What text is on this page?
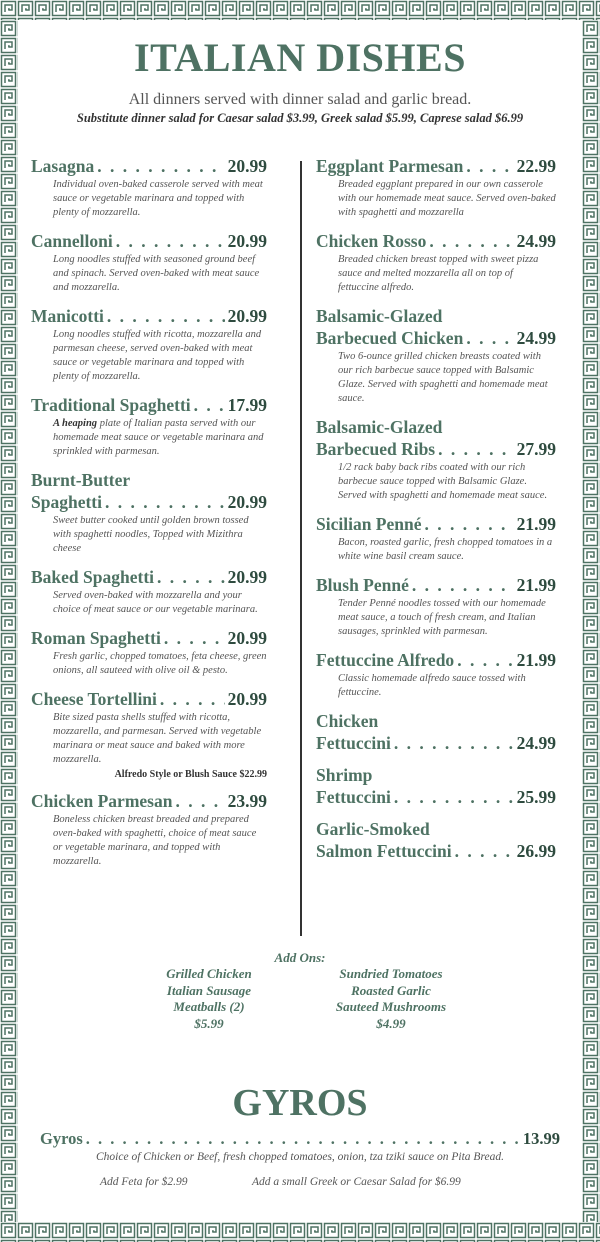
ITALIAN DISHES
All dinners served with dinner salad and garlic bread.
Substitute dinner salad for Caesar salad $3.99, Greek salad $5.99, Caprese salad $6.99
Lasagna . . .	20.99
Individual oven-baked casserole served with meat sauce or vegetable marinara and topped with plenty of mozzarella.
Cannelloni . . .	20.99
Long noodles stuffed with seasoned ground beef and spinach. Served oven-baked with meat sauce and mozzarella.
Manicotti . . .	20.99
Long noodles stuffed with ricotta, mozzarella and parmesan cheese, served oven-baked with meat sauce or vegetable marinara and topped with plenty of mozzarella.
Traditional Spaghetti . . . 17.99
A heaping plate of Italian pasta served with our homemade meat sauce or vegetable marinara and sprinkled with parmesan.
Burnt-Butter
Spaghetti . . .	20.99
Sweet butter cooked until golden brown tossed with spaghetti noodles, Topped with Mizithra cheese
Baked Spaghetti . . .	20.99
Served oven-baked with mozzarella and your choice of meat sauce or our vegetable marinara.
Roman Spaghetti . . .	20.99
Fresh garlic, chopped tomatoes, feta cheese, green onions, all sauteed with olive oil & pesto.
Cheese Tortellini . . .	20.99
Bite sized pasta shells stuffed with ricotta, mozzarella, and parmesan. Served with vegetable marinara or meat sauce and baked with more mozzarella.
Alfredo Style or Blush Sauce $22.99
Chicken Parmesan . . .	23.99
Boneless chicken breast breaded and prepared oven-baked with spaghetti, choice of meat sauce or vegetable marinara, and topped with mozzarella.
Eggplant Parmesan . . .	22.99
Breaded eggplant prepared in our own casserole with our homemade meat sauce. Served oven-baked with spaghetti and mozzarella
Chicken Rosso . . .	24.99
Breaded chicken breast topped with sweet pizza sauce and melted mozzarella all on top of fettuccine alfredo.
Balsamic-Glazed
Barbecued Chicken . . .	24.99
Two 6-ounce grilled chicken breasts coated with our rich barbecue sauce topped with Balsamic Glaze. Served with spaghetti and homemade meat sauce.
Balsamic-Glazed
Barbecued Ribs . . .	27.99
1/2 rack baby back ribs coated with our rich barbecue sauce topped with Balsamic Glaze. Served with spaghetti and homemade meat sauce.
Sicilian Penné . . .	21.99
Bacon, roasted garlic, fresh chopped tomatoes in a white wine basil cream sauce.
Blush Penné . . .	21.99
Tender Penné noodles tossed with our homemade meat sauce, a touch of fresh cream, and Italian sausages, sprinkled with parmesan.
Fettuccine Alfredo . . .	21.99
Classic homemade alfredo sauce tossed with fettuccine.
Chicken
Fettuccini . . .	24.99
Shrimp
Fettuccini . . .	25.99
Garlic-Smoked
Salmon Fettuccini . . .	26.99
Add Ons:
Grilled Chicken
Italian Sausage
Meatballs (2)
$5.99
Sundried Tomatoes
Roasted Garlic
Sauteed Mushrooms
$4.99
GYROS
Gyros . . .	13.99
Choice of Chicken or Beef, fresh chopped tomatoes, onion, tza tziki sauce on Pita Bread.
Add Feta for $2.99	Add a small Greek or Caesar Salad for $6.99
